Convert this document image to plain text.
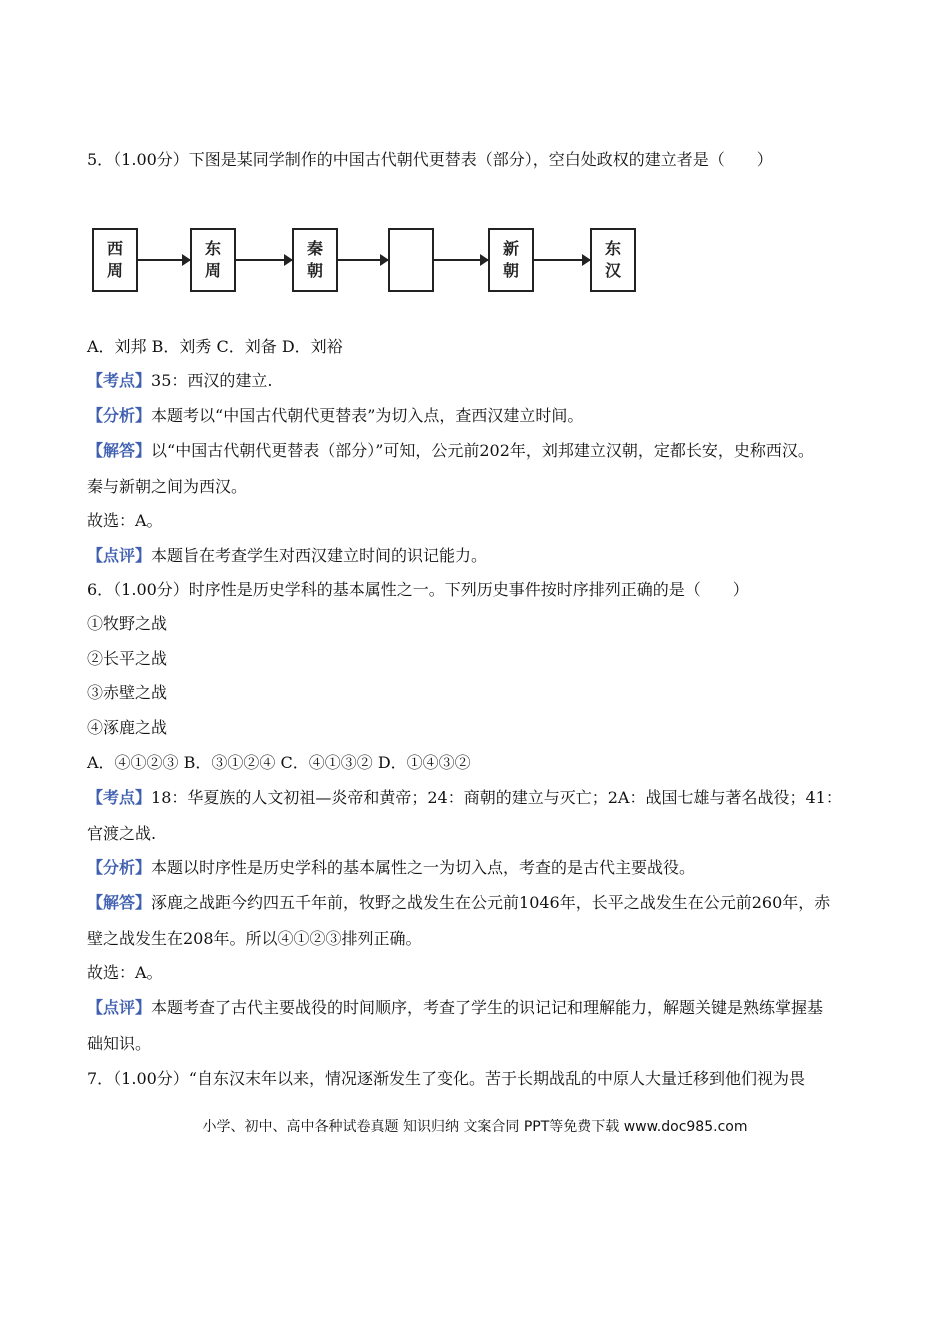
5．（1.00分）下图是某同学制作的中国古代朝代更替表（部分），空白处政权的建立者是（　　）
西
周
东
周
秦
朝
新
朝
东
汉
A．刘邦 B．刘秀 C．刘备 D．刘裕
【考点】35：西汉的建立.
【分析】本题考以“中国古代朝代更替表”为切入点，查西汉建立时间。
【解答】以“中国古代朝代更替表（部分）”可知，公元前202年，刘邦建立汉朝，定都长安，史称西汉。
秦与新朝之间为西汉。
故选：A。
【点评】本题旨在考查学生对西汉建立时间的识记能力。
6．（1.00分）时序性是历史学科的基本属性之一。下列历史事件按时序排列正确的是（　　）
①牧野之战
②长平之战
③赤壁之战
④涿鹿之战
A．④①②③ B．③①②④ C．④①③② D．①④③②
【考点】18：华夏族的人文初祖—炎帝和黄帝；24：商朝的建立与灭亡；2A：战国七雄与著名战役；41：
官渡之战.
【分析】本题以时序性是历史学科的基本属性之一为切入点，考查的是古代主要战役。
【解答】涿鹿之战距今约四五千年前，牧野之战发生在公元前1046年，长平之战发生在公元前260年，赤
壁之战发生在208年。所以④①②③排列正确。
故选：A。
【点评】本题考查了古代主要战役的时间顺序，考查了学生的识记记和理解能力，解题关键是熟练掌握基
础知识。
7．（1.00分）“自东汉末年以来，情况逐渐发生了变化。苦于长期战乱的中原人大量迁移到他们视为畏
小学、初中、高中各种试卷真题 知识归纳 文案合同 PPT等免费下载 www.doc985.com
